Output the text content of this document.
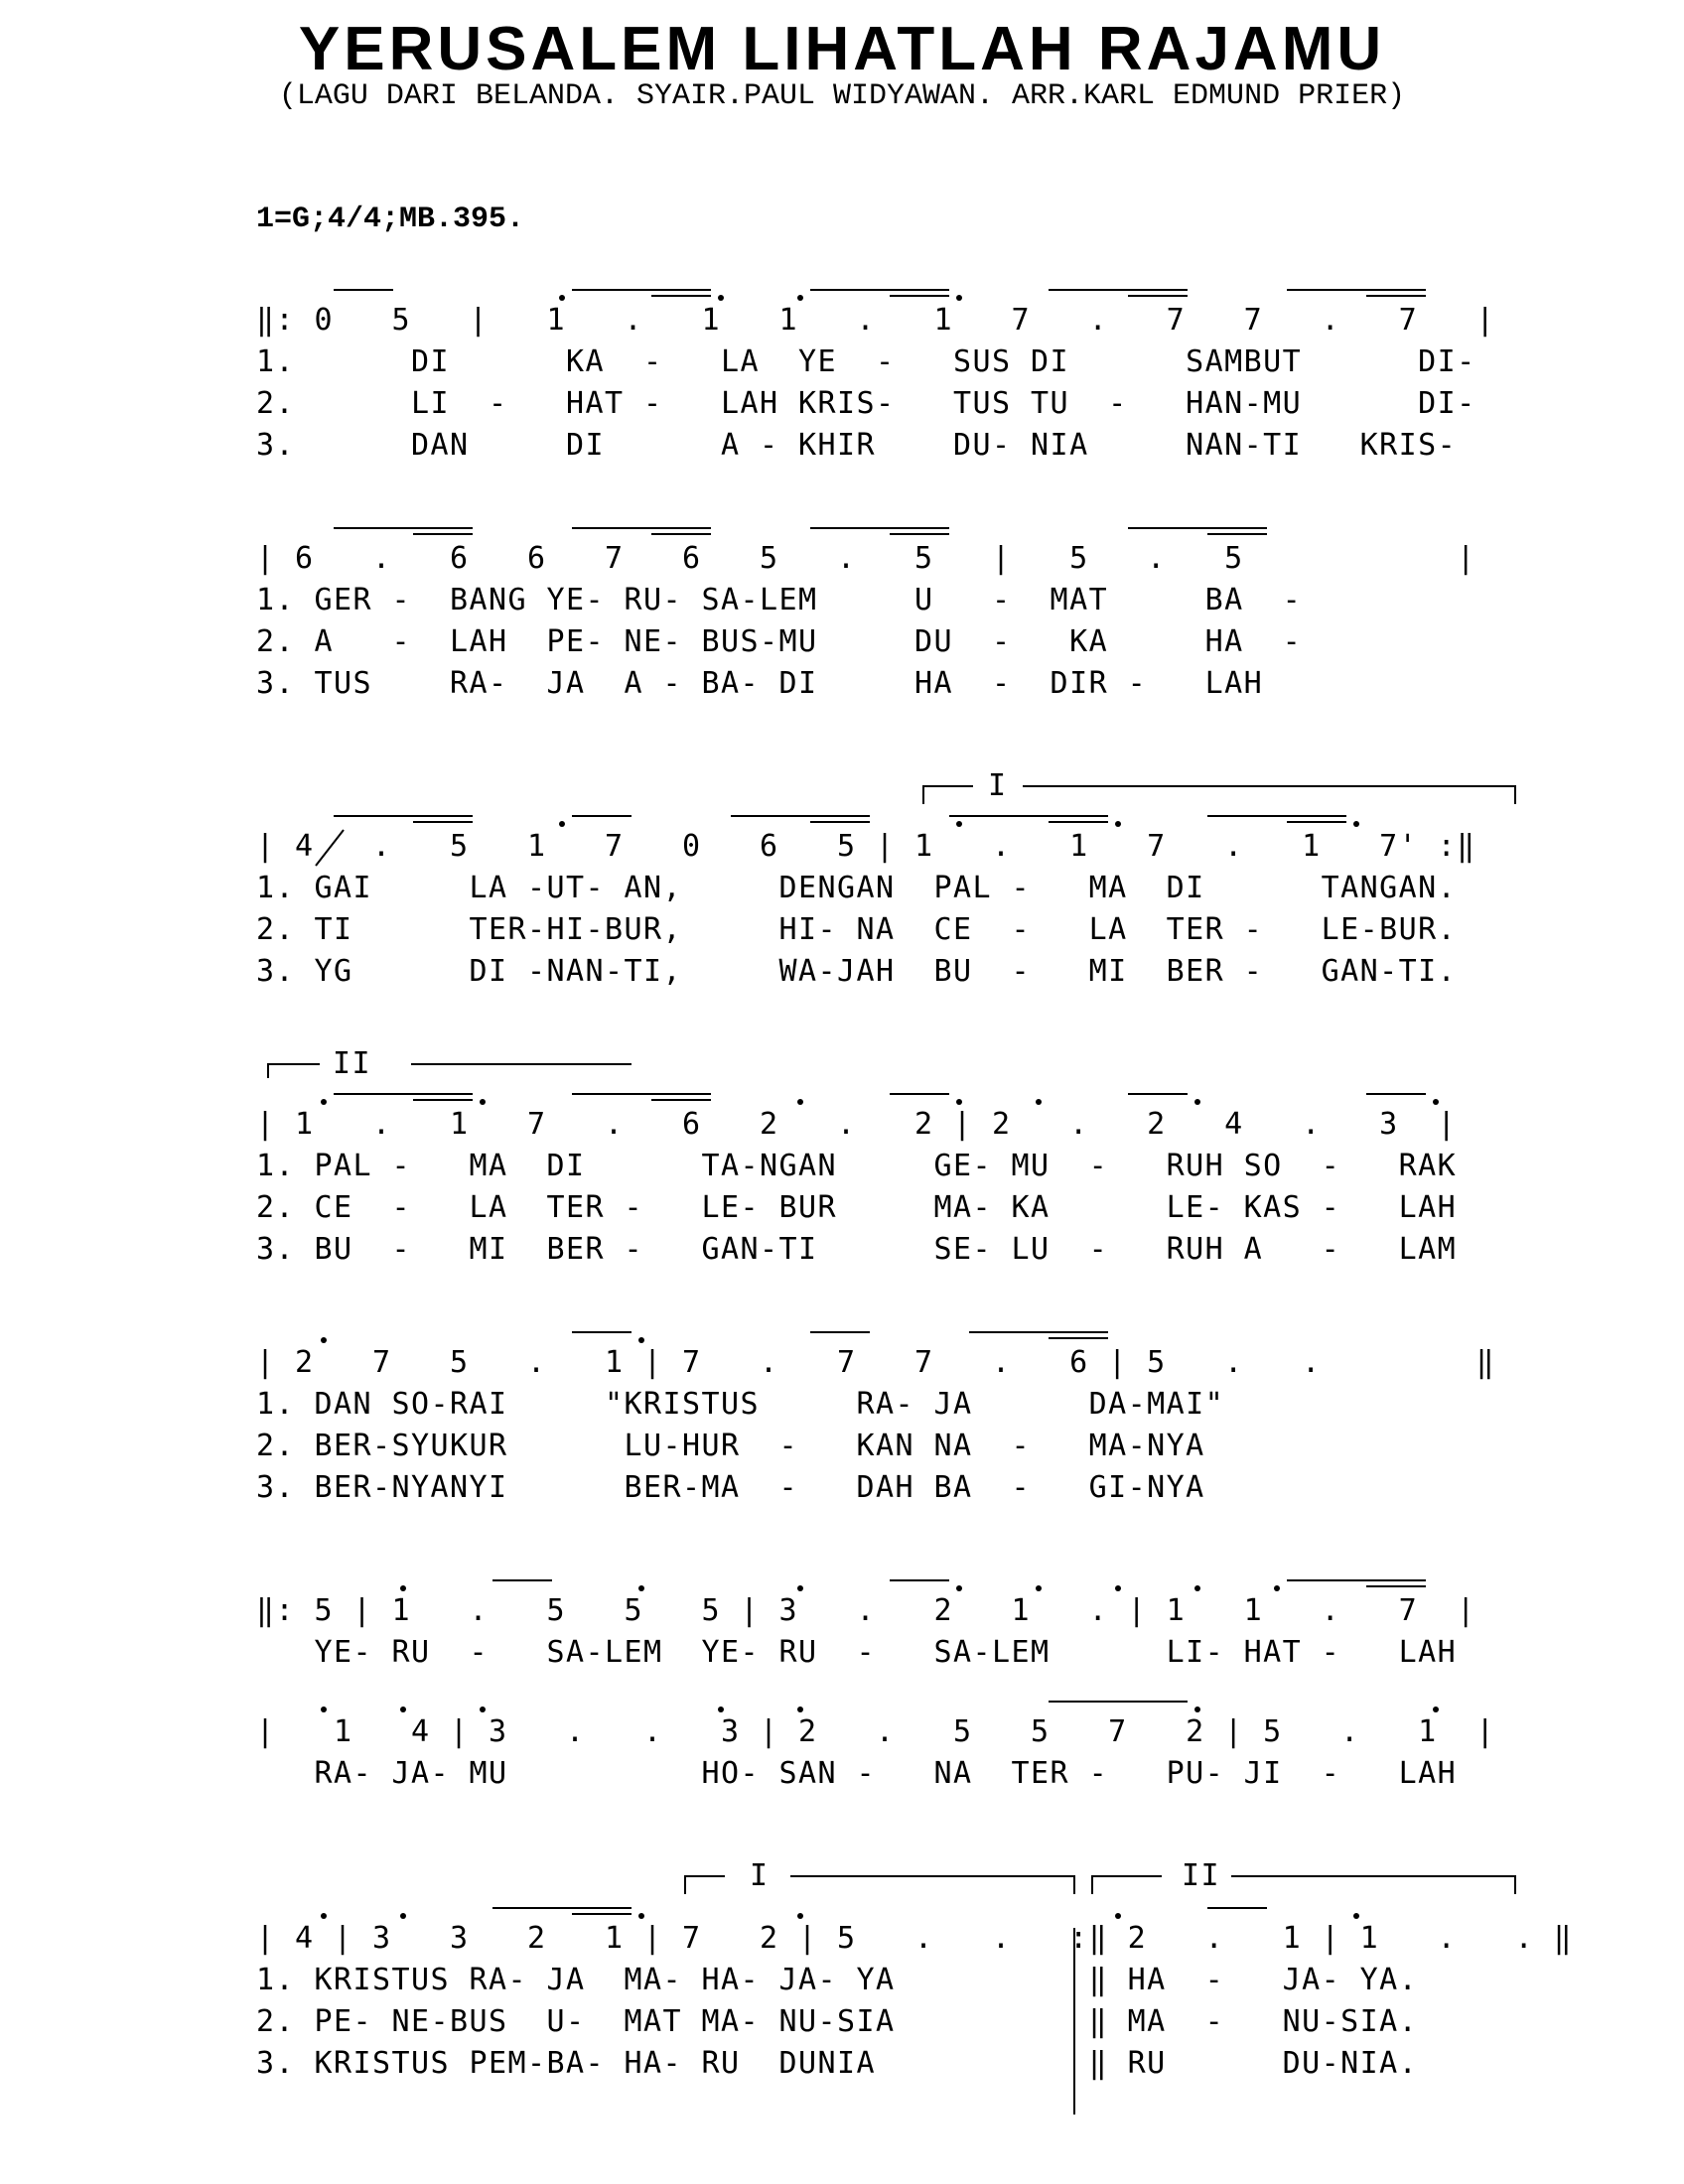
YERUSALEM LIHATLAH RAJAMU

(LAGU DARI BELANDA. SYAIR.PAUL WIDYAWAN. ARR.KARL EDMUND PRIER)

1=G;4/4;MB.395.
‖: 0   5   |   1   .   1   1   .   1   7   .   7   7   .   7   |
1.      DI      KA  -   LA  YE  -   SUS DI      SAMBUT      DI-
2.      LI  -   HAT -   LAH KRIS-   TUS TU  -   HAN-MU      DI-
3.      DAN     DI      A - KHIR    DU- NIA     NAN-TI   KRIS-
| 6   .   6   6   7   6   5   .   5   |   5   .   5           |
1. GER -  BANG YE- RU- SA-LEM     U   -  MAT     BA  -
2. A   -  LAH  PE- NE- BUS-MU     DU  -   KA     HA  -
3. TUS    RA-  JA  A - BA- DI     HA  -  DIR -   LAH
I
| 4   .   5   1   7   0   6   5 | 1   .   1   7   .   1   7' :‖
1. GAI     LA -UT- AN,     DENGAN  PAL -   MA  DI      TANGAN.
2. TI      TER-HI-BUR,     HI- NA  CE  -   LA  TER -   LE-BUR.
3. YG      DI -NAN-TI,     WA-JAH  BU  -   MI  BER -   GAN-TI.
II
| 1   .   1   7   .   6   2   .   2 | 2   .   2   4   .   3  |
1. PAL -   MA  DI      TA-NGAN     GE- MU  -   RUH SO  -   RAK
2. CE  -   LA  TER -   LE- BUR     MA- KA      LE- KAS -   LAH
3. BU  -   MI  BER -   GAN-TI      SE- LU  -   RUH A   -   LAM
| 2   7   5   .   1 | 7   .   7   7   .   6 | 5   .   .        ‖
1. DAN SO-RAI     "KRISTUS     RA- JA      DA-MAI"
2. BER-SYUKUR      LU-HUR  -   KAN NA  -   MA-NYA
3. BER-NYANYI      BER-MA  -   DAH BA  -   GI-NYA
‖: 5 | 1   .   5   5   5 | 3   .   2   1   . | 1   1   .   7  |
YE- RU  -   SA-LEM  YE- RU  -   SA-LEM      LI- HAT -   LAH
|   1   4 | 3   .   .   3 | 2   .   5   5   7   2 | 5   .   1  |
RA- JA- MU          HO- SAN -   NA  TER -   PU- JI  -   LAH
I	II
| 4 | 3   3   2   1 | 7   2 | 5   .   .   :‖ 2   .   1 | 1   .   . ‖
1. KRISTUS RA- JA  MA- HA- JA- YA          ‖ HA  -   JA- YA.
2. PE- NE-BUS  U-  MAT MA- NU-SIA          ‖ MA  -   NU-SIA.
3. KRISTUS PEM-BA- HA- RU  DUNIA           ‖ RU      DU-NIA.
